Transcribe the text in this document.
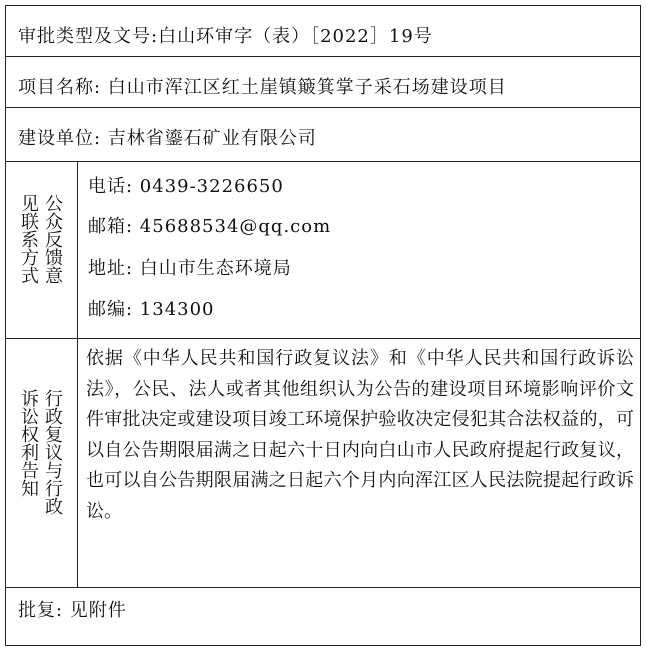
审批类型及文号:白山环审字（表）［2022］19号
项目名称: 白山市浑江区红土崖镇簸箕掌子采石场建设项目
建设单位: 吉林省鎏石矿业有限公司
公众反馈意
见联系方式
电话: 0439-3226650
邮箱: 45688534@qq.com
地址: 白山市生态环境局
邮编: 134300
行政复议与行政
诉讼权利告知
依据《中华人民共和国行政复议法》和《中华人民共和国行政诉讼法》，公民、法人或者其他组织认为公告的建设项目环境影响评价文件审批决定或建设项目竣工环境保护验收决定侵犯其合法权益的，可以自公告期限届满之日起六十日内向白山市人民政府提起行政复议，也可以自公告期限届满之日起六个月内向浑江区人民法院提起行政诉讼。
批复: 见附件
